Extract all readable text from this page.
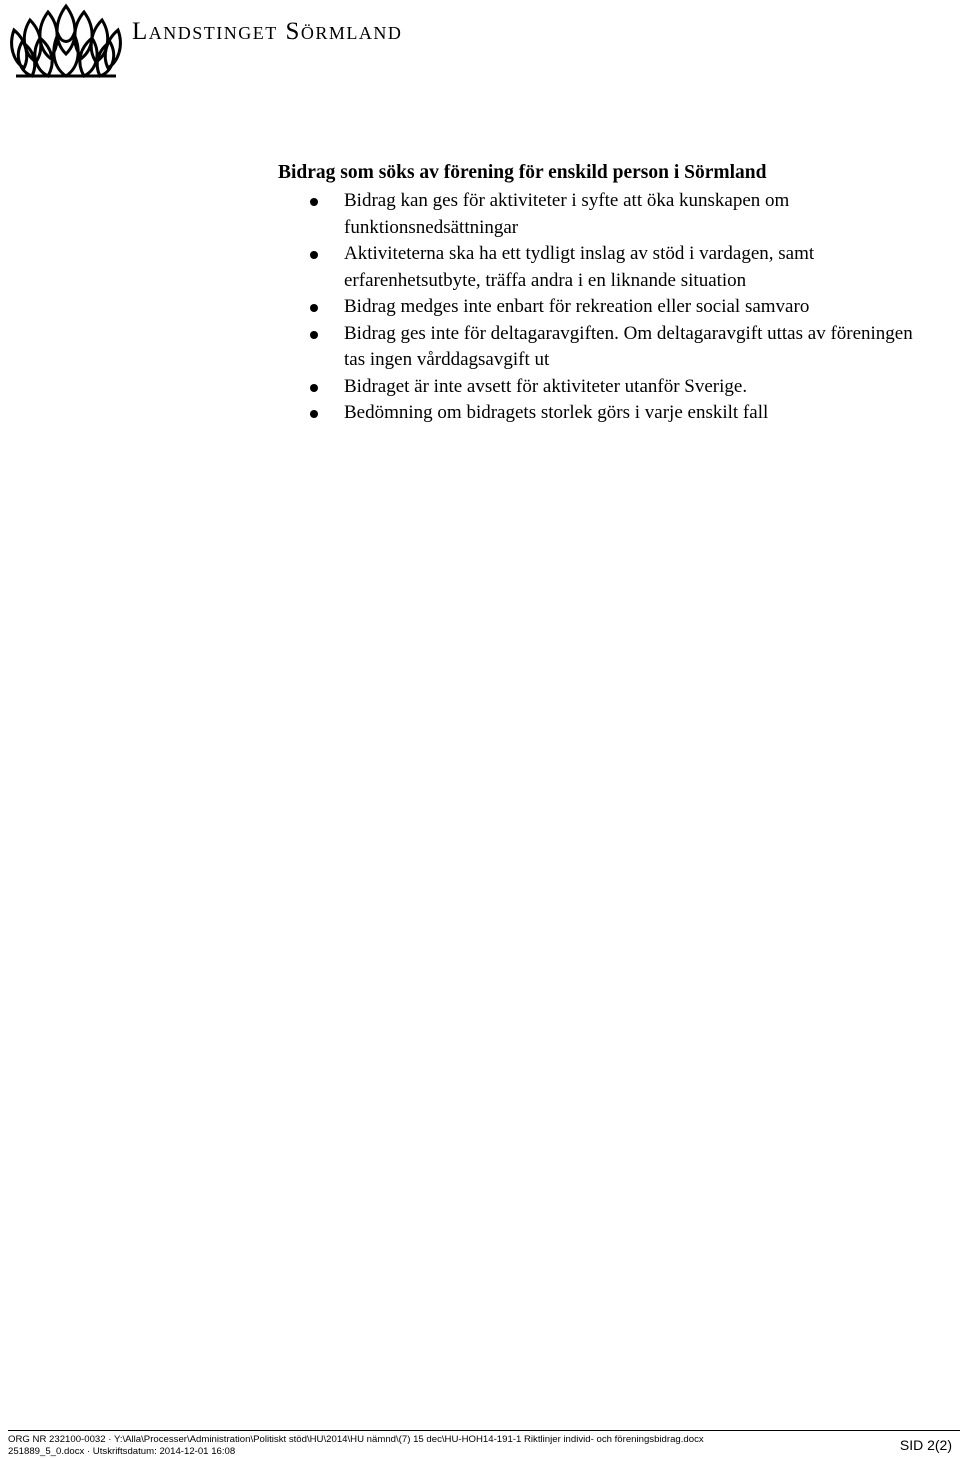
Landstinget Sörmland
Bidrag som söks av förening för enskild person i Sörmland
Bidrag kan ges för aktiviteter i syfte att öka kunskapen om funktionsnedsättningar
Aktiviteterna ska ha ett tydligt inslag av stöd i vardagen, samt erfarenhetsutbyte, träffa andra i en liknande situation
Bidrag medges inte enbart för rekreation eller social samvaro
Bidrag ges inte för deltagaravgiften. Om deltagaravgift uttas av föreningen tas ingen vårddagsavgift ut
Bidraget är inte avsett för aktiviteter utanför Sverige.
Bedömning om bidragets storlek görs i varje enskilt fall
ORG NR 232100-0032 · Y:\Alla\Processer\Administration\Politiskt stöd\HU\2014\HU nämnd\(7) 15 dec\HU-HOH14-191-1 Riktlinjer individ- och föreningsbidrag.docx
251889_5_0.docx · Utskriftsdatum: 2014-12-01 16:08	SID 2(2)
